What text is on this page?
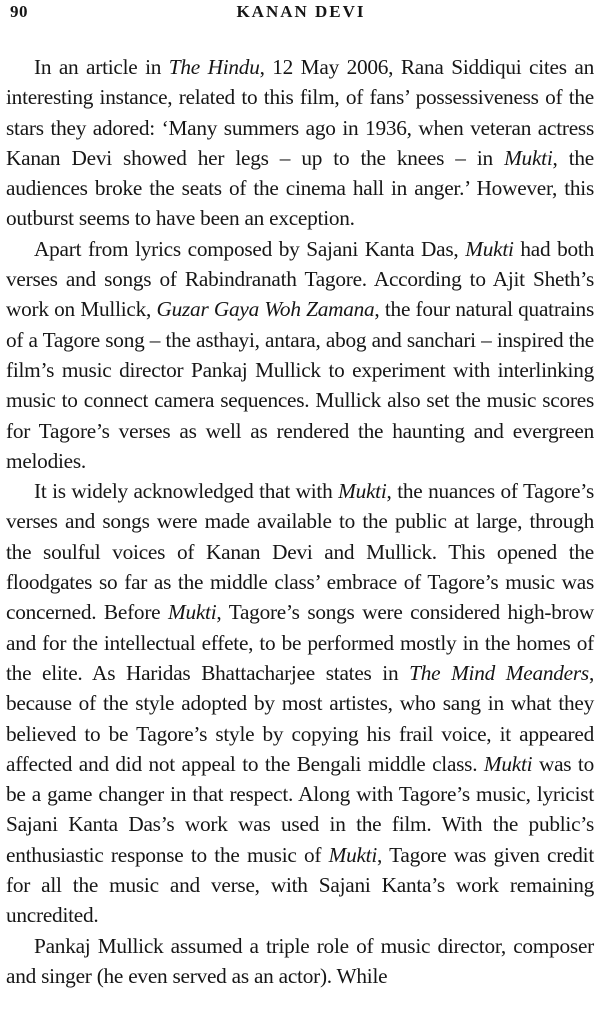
90	KANAN DEVI

In an article in The Hindu, 12 May 2006, Rana Siddiqui cites an interesting instance, related to this film, of fans’ possessiveness of the stars they adored: ‘Many summers ago in 1936, when veteran actress Kanan Devi showed her legs – up to the knees – in Mukti, the audiences broke the seats of the cinema hall in anger.’ However, this outburst seems to have been an exception.

Apart from lyrics composed by Sajani Kanta Das, Mukti had both verses and songs of Rabindranath Tagore. According to Ajit Sheth’s work on Mullick, Guzar Gaya Woh Zamana, the four natural quatrains of a Tagore song – the asthayi, antara, abog and sanchari – inspired the film’s music director Pankaj Mullick to experiment with interlinking music to connect camera sequences. Mullick also set the music scores for Tagore’s verses as well as rendered the haunting and evergreen melodies.

It is widely acknowledged that with Mukti, the nuances of Tagore’s verses and songs were made available to the public at large, through the soulful voices of Kanan Devi and Mullick. This opened the floodgates so far as the middle class’ embrace of Tagore’s music was concerned. Before Mukti, Tagore’s songs were considered high-brow and for the intellectual effete, to be performed mostly in the homes of the elite. As Haridas Bhattacharjee states in The Mind Meanders, because of the style adopted by most artistes, who sang in what they believed to be Tagore’s style by copying his frail voice, it appeared affected and did not appeal to the Bengali middle class. Mukti was to be a game changer in that respect. Along with Tagore’s music, lyricist Sajani Kanta Das’s work was used in the film. With the public’s enthusiastic response to the music of Mukti, Tagore was given credit for all the music and verse, with Sajani Kanta’s work remaining uncredited.

Pankaj Mullick assumed a triple role of music director, composer and singer (he even served as an actor). While
